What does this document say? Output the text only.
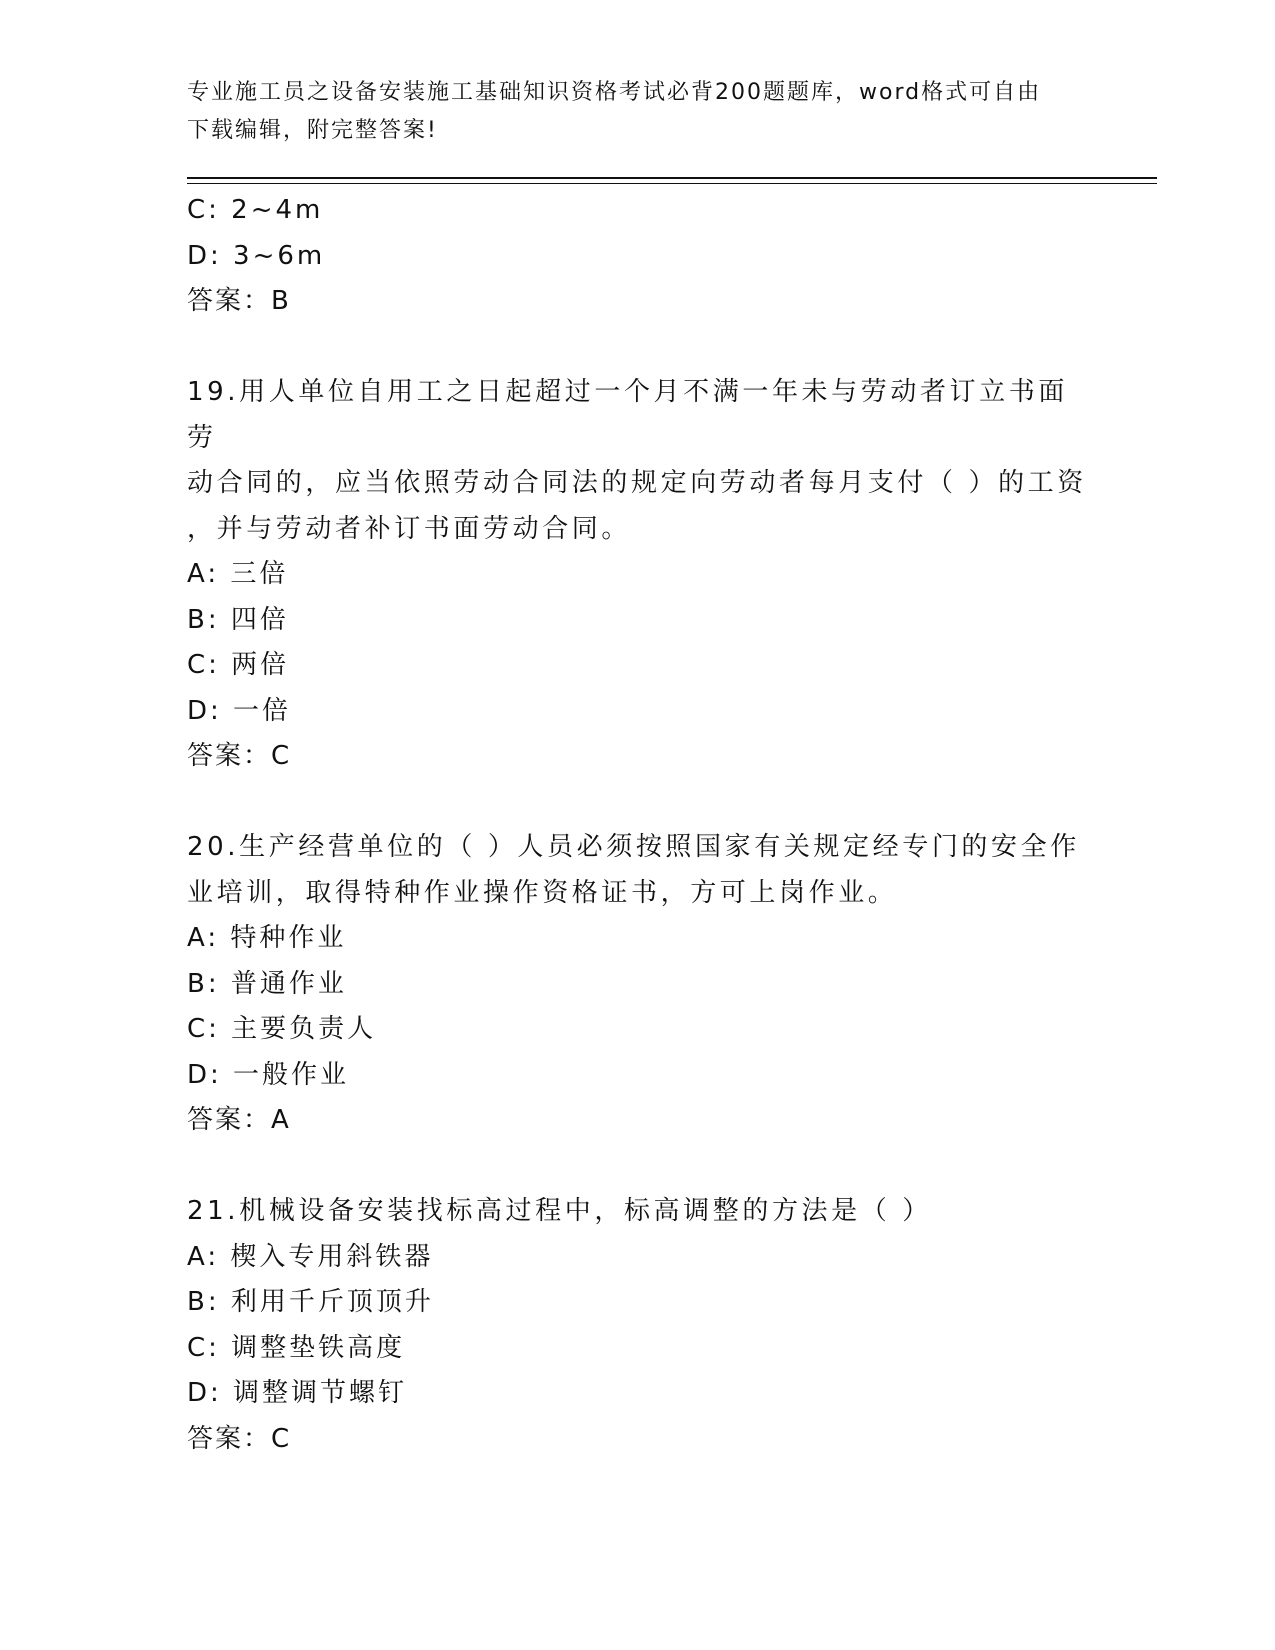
专业施工员之设备安装施工基础知识资格考试必背200题题库，word格式可自由
下载编辑，附完整答案!
C: 2~4m
D: 3~6m
答案：B
19.用人单位自用工之日起超过一个月不满一年未与劳动者订立书面劳
动合同的，应当依照劳动合同法的规定向劳动者每月支付（ ）的工资
，并与劳动者补订书面劳动合同。
A: 三倍
B: 四倍
C: 两倍
D: 一倍
答案：C
20.生产经营单位的（ ）人员必须按照国家有关规定经专门的安全作
业培训，取得特种作业操作资格证书，方可上岗作业。
A: 特种作业
B: 普通作业
C: 主要负责人
D: 一般作业
答案：A
21.机械设备安装找标高过程中，标高调整的方法是（ ）
A: 楔入专用斜铁器
B: 利用千斤顶顶升
C: 调整垫铁高度
D: 调整调节螺钉
答案：C
